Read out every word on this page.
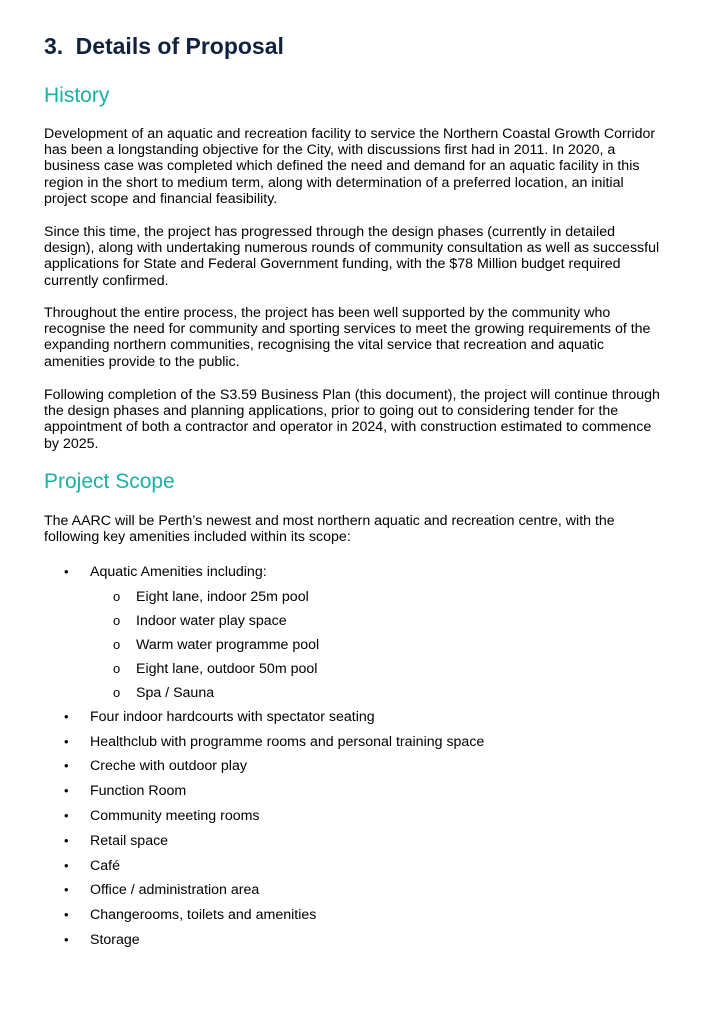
3. Details of Proposal
History

Development of an aquatic and recreation facility to service the Northern Coastal Growth Corridor has been a longstanding objective for the City, with discussions first had in 2011. In 2020, a business case was completed which defined the need and demand for an aquatic facility in this region in the short to medium term, along with determination of a preferred location, an initial project scope and financial feasibility.

Since this time, the project has progressed through the design phases (currently in detailed design), along with undertaking numerous rounds of community consultation as well as successful applications for State and Federal Government funding, with the $78 Million budget required currently confirmed.

Throughout the entire process, the project has been well supported by the community who recognise the need for community and sporting services to meet the growing requirements of the expanding northern communities, recognising the vital service that recreation and aquatic amenities provide to the public.

Following completion of the S3.59 Business Plan (this document), the project will continue through the design phases and planning applications, prior to going out to considering tender for the appointment of both a contractor and operator in 2024, with construction estimated to commence by 2025.

Project Scope

The AARC will be Perth’s newest and most northern aquatic and recreation centre, with the following key amenities included within its scope:

• Aquatic Amenities including:
o Eight lane, indoor 25m pool
o Indoor water play space
o Warm water programme pool
o Eight lane, outdoor 50m pool
o Spa / Sauna
• Four indoor hardcourts with spectator seating
• Healthclub with programme rooms and personal training space
• Creche with outdoor play
• Function Room
• Community meeting rooms
• Retail space
• Café
• Office / administration area
• Changerooms, toilets and amenities
• Storage
